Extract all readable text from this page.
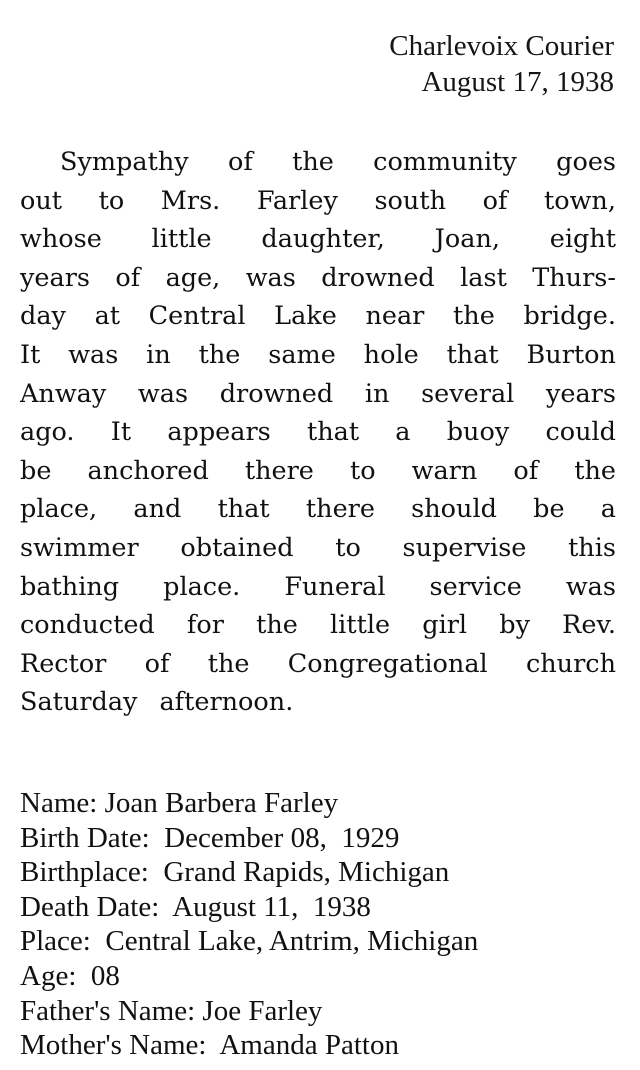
Charlevoix Courier
August 17, 1938
Sympathy of the community goes
out to Mrs. Farley south of town,
whose little daughter, Joan, eight
years of age, was drowned last Thurs-
day at Central Lake near the bridge.
It was in the same hole that Burton
Anway was drowned in several years
ago. It appears that a buoy could
be anchored there to warn of the
place, and that there should be a
swimmer obtained to supervise this
bathing place. Funeral service was
conducted for the little girl by Rev.
Rector of the Congregational church
Saturday afternoon.
Name: Joan Barbera Farley
Birth Date: December 08,  1929
Birthplace: Grand Rapids, Michigan
Death Date: August 11,  1938
Place: Central Lake, Antrim, Michigan
Age: 08
Father's Name: Joe Farley
Mother's Name: Amanda Patton
